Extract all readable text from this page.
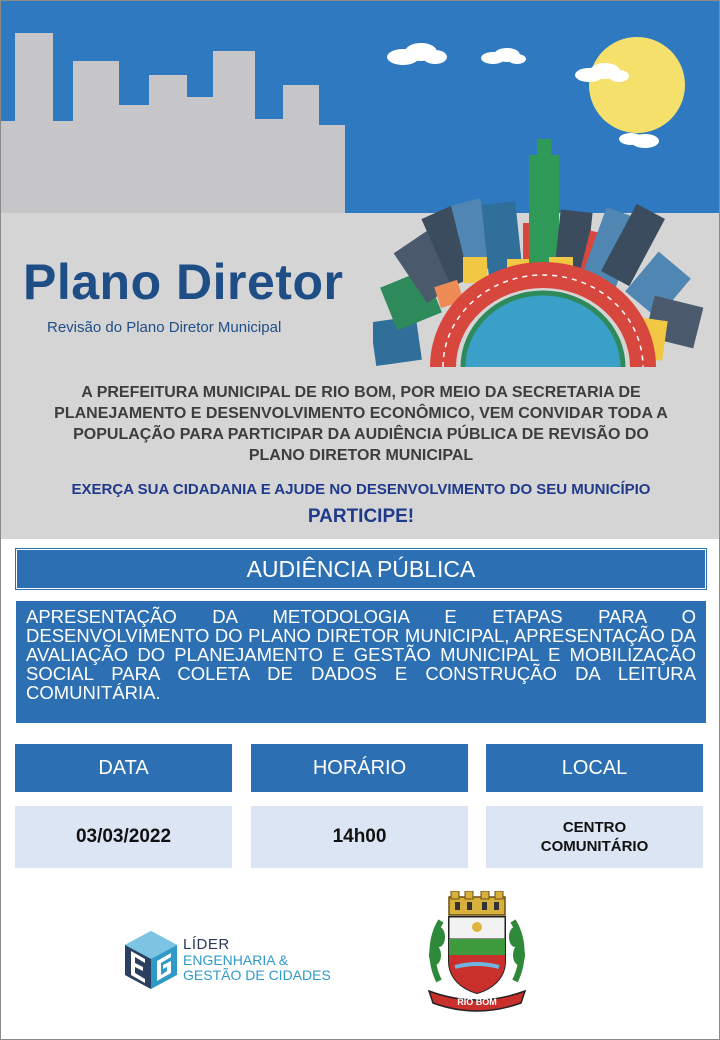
Plano Diretor
Revisão do Plano Diretor Municipal
A PREFEITURA MUNICIPAL DE RIO BOM, POR MEIO DA SECRETARIA DE
PLANEJAMENTO E DESENVOLVIMENTO ECONÔMICO, VEM CONVIDAR TODA A
POPULAÇÃO PARA PARTICIPAR DA AUDIÊNCIA PÚBLICA DE REVISÃO DO
PLANO DIRETOR MUNICIPAL
EXERÇA SUA CIDADANIA E AJUDE NO DESENVOLVIMENTO DO SEU MUNICÍPIO
PARTICIPE!
AUDIÊNCIA PÚBLICA
APRESENTAÇÃO DA METODOLOGIA E ETAPAS PARA O DESENVOLVIMENTO DO PLANO DIRETOR MUNICIPAL, APRESENTAÇÃO DA AVALIAÇÃO DO PLANEJAMENTO E GESTÃO MUNICIPAL E MOBILIZAÇÃO SOCIAL PARA COLETA DE DADOS E CONSTRUÇÃO DA LEITURA COMUNITÁRIA.
DATA	HORÁRIO	LOCAL
03/03/2022	14h00	CENTRO
COMUNITÁRIO
LÍDER
ENGENHARIA &
GESTÃO DE CIDADES
RIO BOM
